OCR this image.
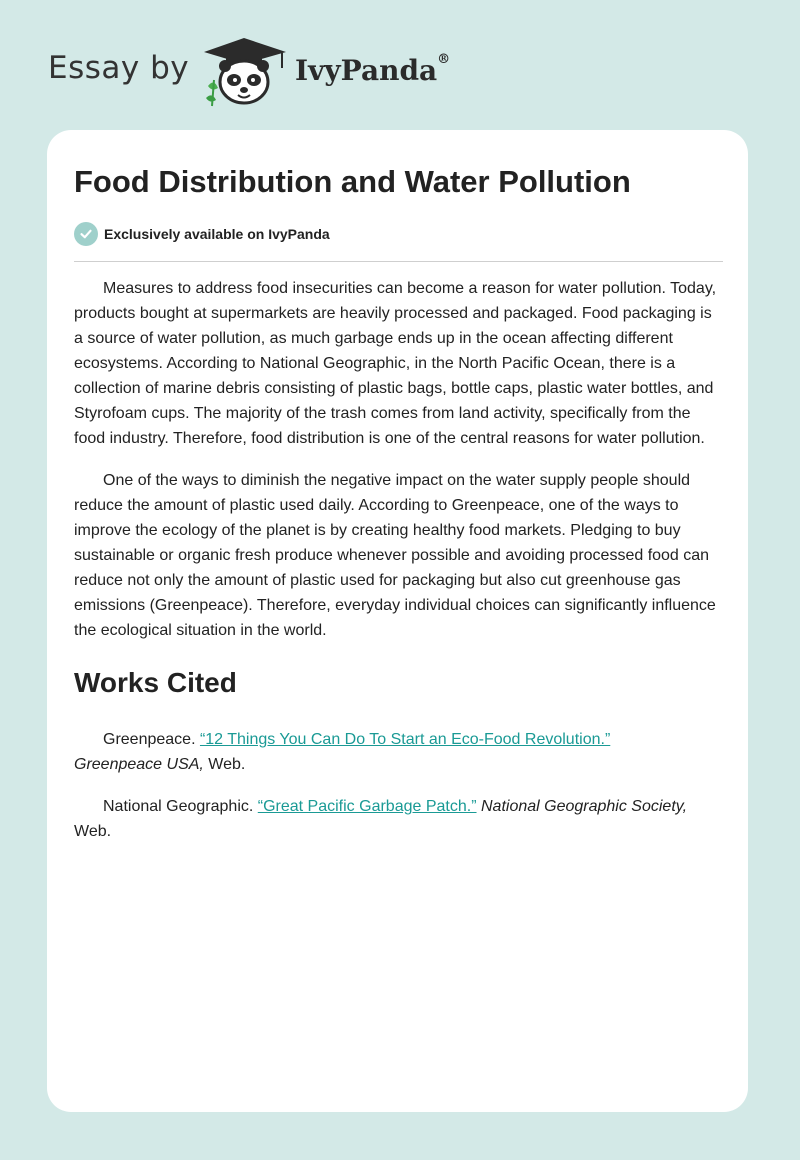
Essay by	IvyPanda®
Food Distribution and Water Pollution
Exclusively available on IvyPanda

Measures to address food insecurities can become a reason for water pollution. Today, products bought at supermarkets are heavily processed and packaged. Food packaging is a source of water pollution, as much garbage ends up in the ocean affecting different ecosystems. According to National Geographic, in the North Pacific Ocean, there is a collection of marine debris consisting of plastic bags, bottle caps, plastic water bottles, and Styrofoam cups. The majority of the trash comes from land activity, specifically from the food industry. Therefore, food distribution is one of the central reasons for water pollution.

One of the ways to diminish the negative impact on the water supply people should reduce the amount of plastic used daily. According to Greenpeace, one of the ways to improve the ecology of the planet is by creating healthy food markets. Pledging to buy sustainable or organic fresh produce whenever possible and avoiding processed food can reduce not only the amount of plastic used for packaging but also cut greenhouse gas emissions (Greenpeace). Therefore, everyday individual choices can significantly influence the ecological situation in the world.

Works Cited

Greenpeace. “12 Things You Can Do To Start an Eco-Food Revolution.”
Greenpeace USA, Web.

National Geographic. “Great Pacific Garbage Patch.” National Geographic Society,
Web.
